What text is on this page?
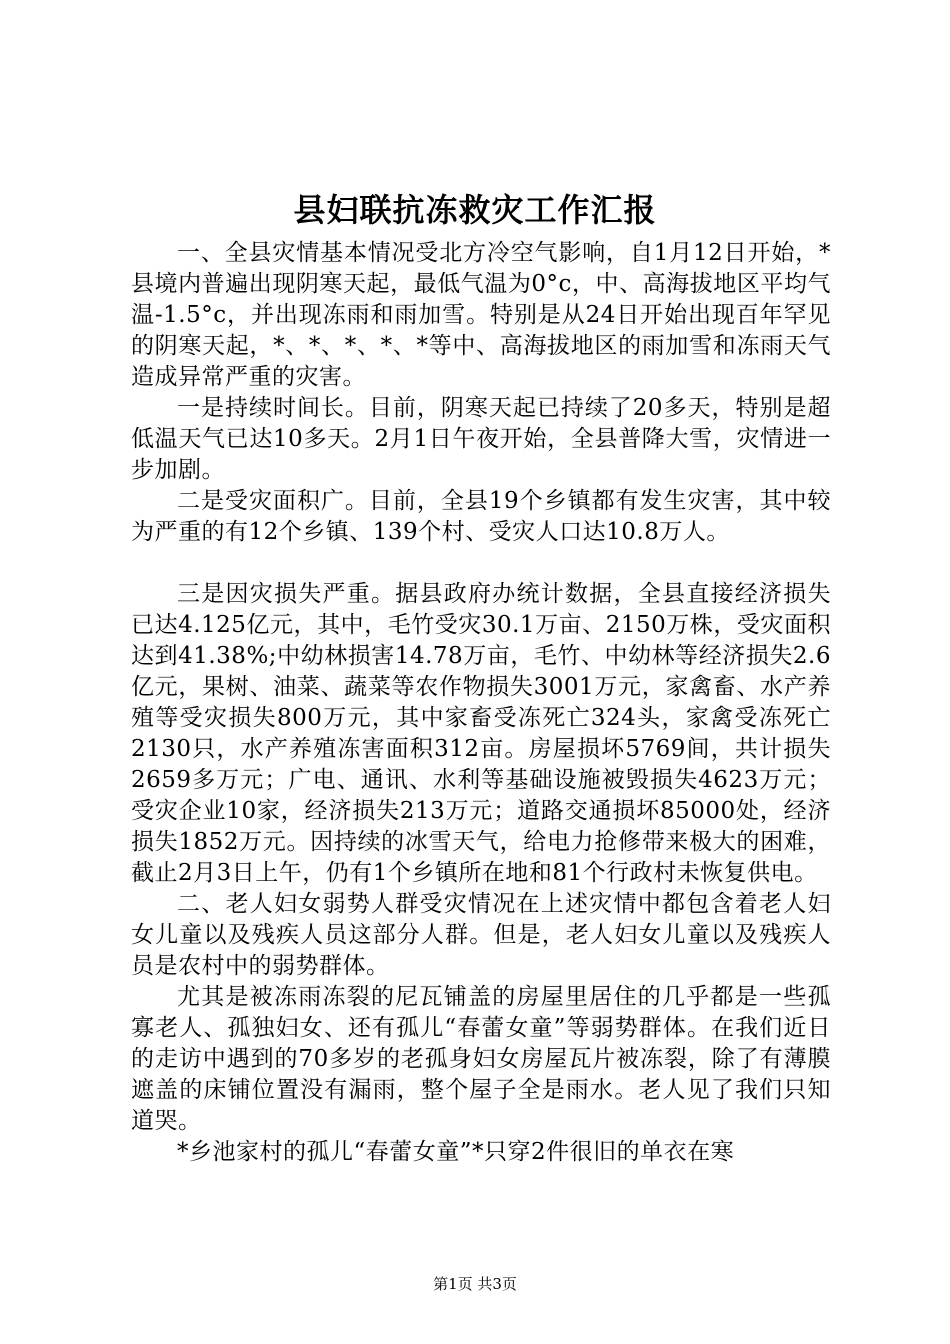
县妇联抗冻救灾工作汇报

一、全县灾情基本情况受北方冷空气影响，自1月12日开始，*县境内普遍出现阴寒天起，最低气温为0°c，中、高海拔地区平均气温-1.5°c，并出现冻雨和雨加雪。特别是从24日开始出现百年罕见的阴寒天起，*、*、*、*、*等中、高海拔地区的雨加雪和冻雨天气造成异常严重的灾害。

一是持续时间长。目前，阴寒天起已持续了20多天，特别是超低温天气已达10多天。2月1日午夜开始，全县普降大雪，灾情进一步加剧。

二是受灾面积广。目前，全县19个乡镇都有发生灾害，其中较为严重的有12个乡镇、139个村、受灾人口达10.8万人。

三是因灾损失严重。据县政府办统计数据，全县直接经济损失已达4.125亿元，其中，毛竹受灾30.1万亩、2150万株，受灾面积达到41.38%;中幼林损害14.78万亩，毛竹、中幼林等经济损失2.6亿元，果树、油菜、蔬菜等农作物损失3001万元，家禽畜、水产养殖等受灾损失800万元，其中家畜受冻死亡324头，家禽受冻死亡2130只，水产养殖冻害面积312亩。房屋损坏5769间，共计损失2659多万元；广电、通讯、水利等基础设施被毁损失4623万元；受灾企业10家，经济损失213万元；道路交通损坏85000处，经济损失1852万元。因持续的冰雪天气，给电力抢修带来极大的困难，截止2月3日上午，仍有1个乡镇所在地和81个行政村未恢复供电。

二、老人妇女弱势人群受灾情况在上述灾情中都包含着老人妇女儿童以及残疾人员这部分人群。但是，老人妇女儿童以及残疾人员是农村中的弱势群体。

尤其是被冻雨冻裂的尼瓦铺盖的房屋里居住的几乎都是一些孤寡老人、孤独妇女、还有孤儿“春蕾女童”等弱势群体。在我们近日的走访中遇到的70多岁的老孤身妇女房屋瓦片被冻裂，除了有薄膜遮盖的床铺位置没有漏雨，整个屋子全是雨水。老人见了我们只知道哭。

*乡池家村的孤儿“春蕾女童”*只穿2件很旧的单衣在寒

第1页 共3页
